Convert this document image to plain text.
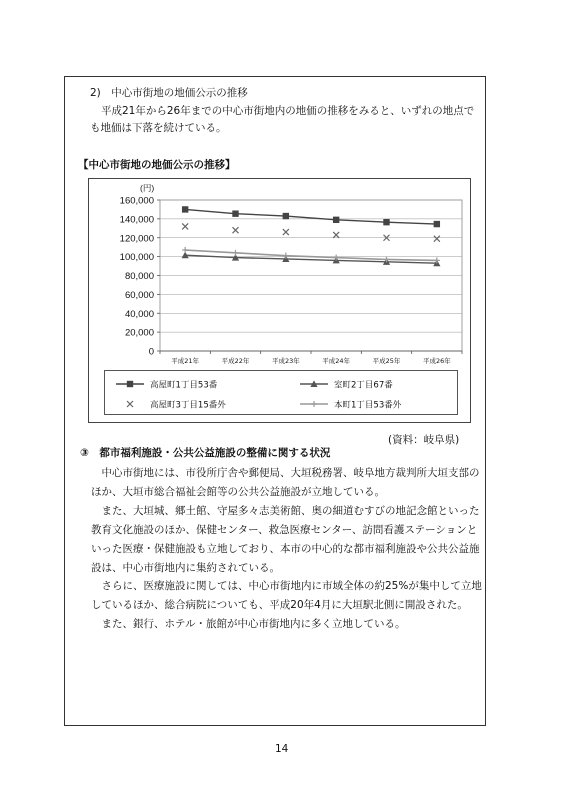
2)　中心市街地の地価公示の推移
平成21年から26年までの中心市街地内の地価の推移をみると、いずれの地点で
も地価は下落を続けている。
【中心市街地の地価公示の推移】
160,000
140,000
120,000
100,000
80,000
60,000
40,000
20,000
0
(円)
平成21年	平成22年	平成23年	平成24年	平成25年	平成26年
高屋町1丁目53番	室町2丁目67番
高屋町3丁目15番外	本町1丁目53番外
(資料：岐阜県)
③　都市福利施設・公共公益施設の整備に関する状況
　中心市街地には、市役所庁舎や郵便局、大垣税務署、岐阜地方裁判所大垣支部の
ほか、大垣市総合福祉会館等の公共公益施設が立地している。
　また、大垣城、郷土館、守屋多々志美術館、奥の細道むすびの地記念館といった
教育文化施設のほか、保健センター、救急医療センター、訪問看護ステーションと
いった医療・保健施設も立地しており、本市の中心的な都市福利施設や公共公益施
設は、中心市街地内に集約されている。
　さらに、医療施設に関しては、中心市街地内に市域全体の約25%が集中して立地
しているほか、総合病院についても、平成20年4月に大垣駅北側に開設された。
　また、銀行、ホテル・旅館が中心市街地内に多く立地している。
14
